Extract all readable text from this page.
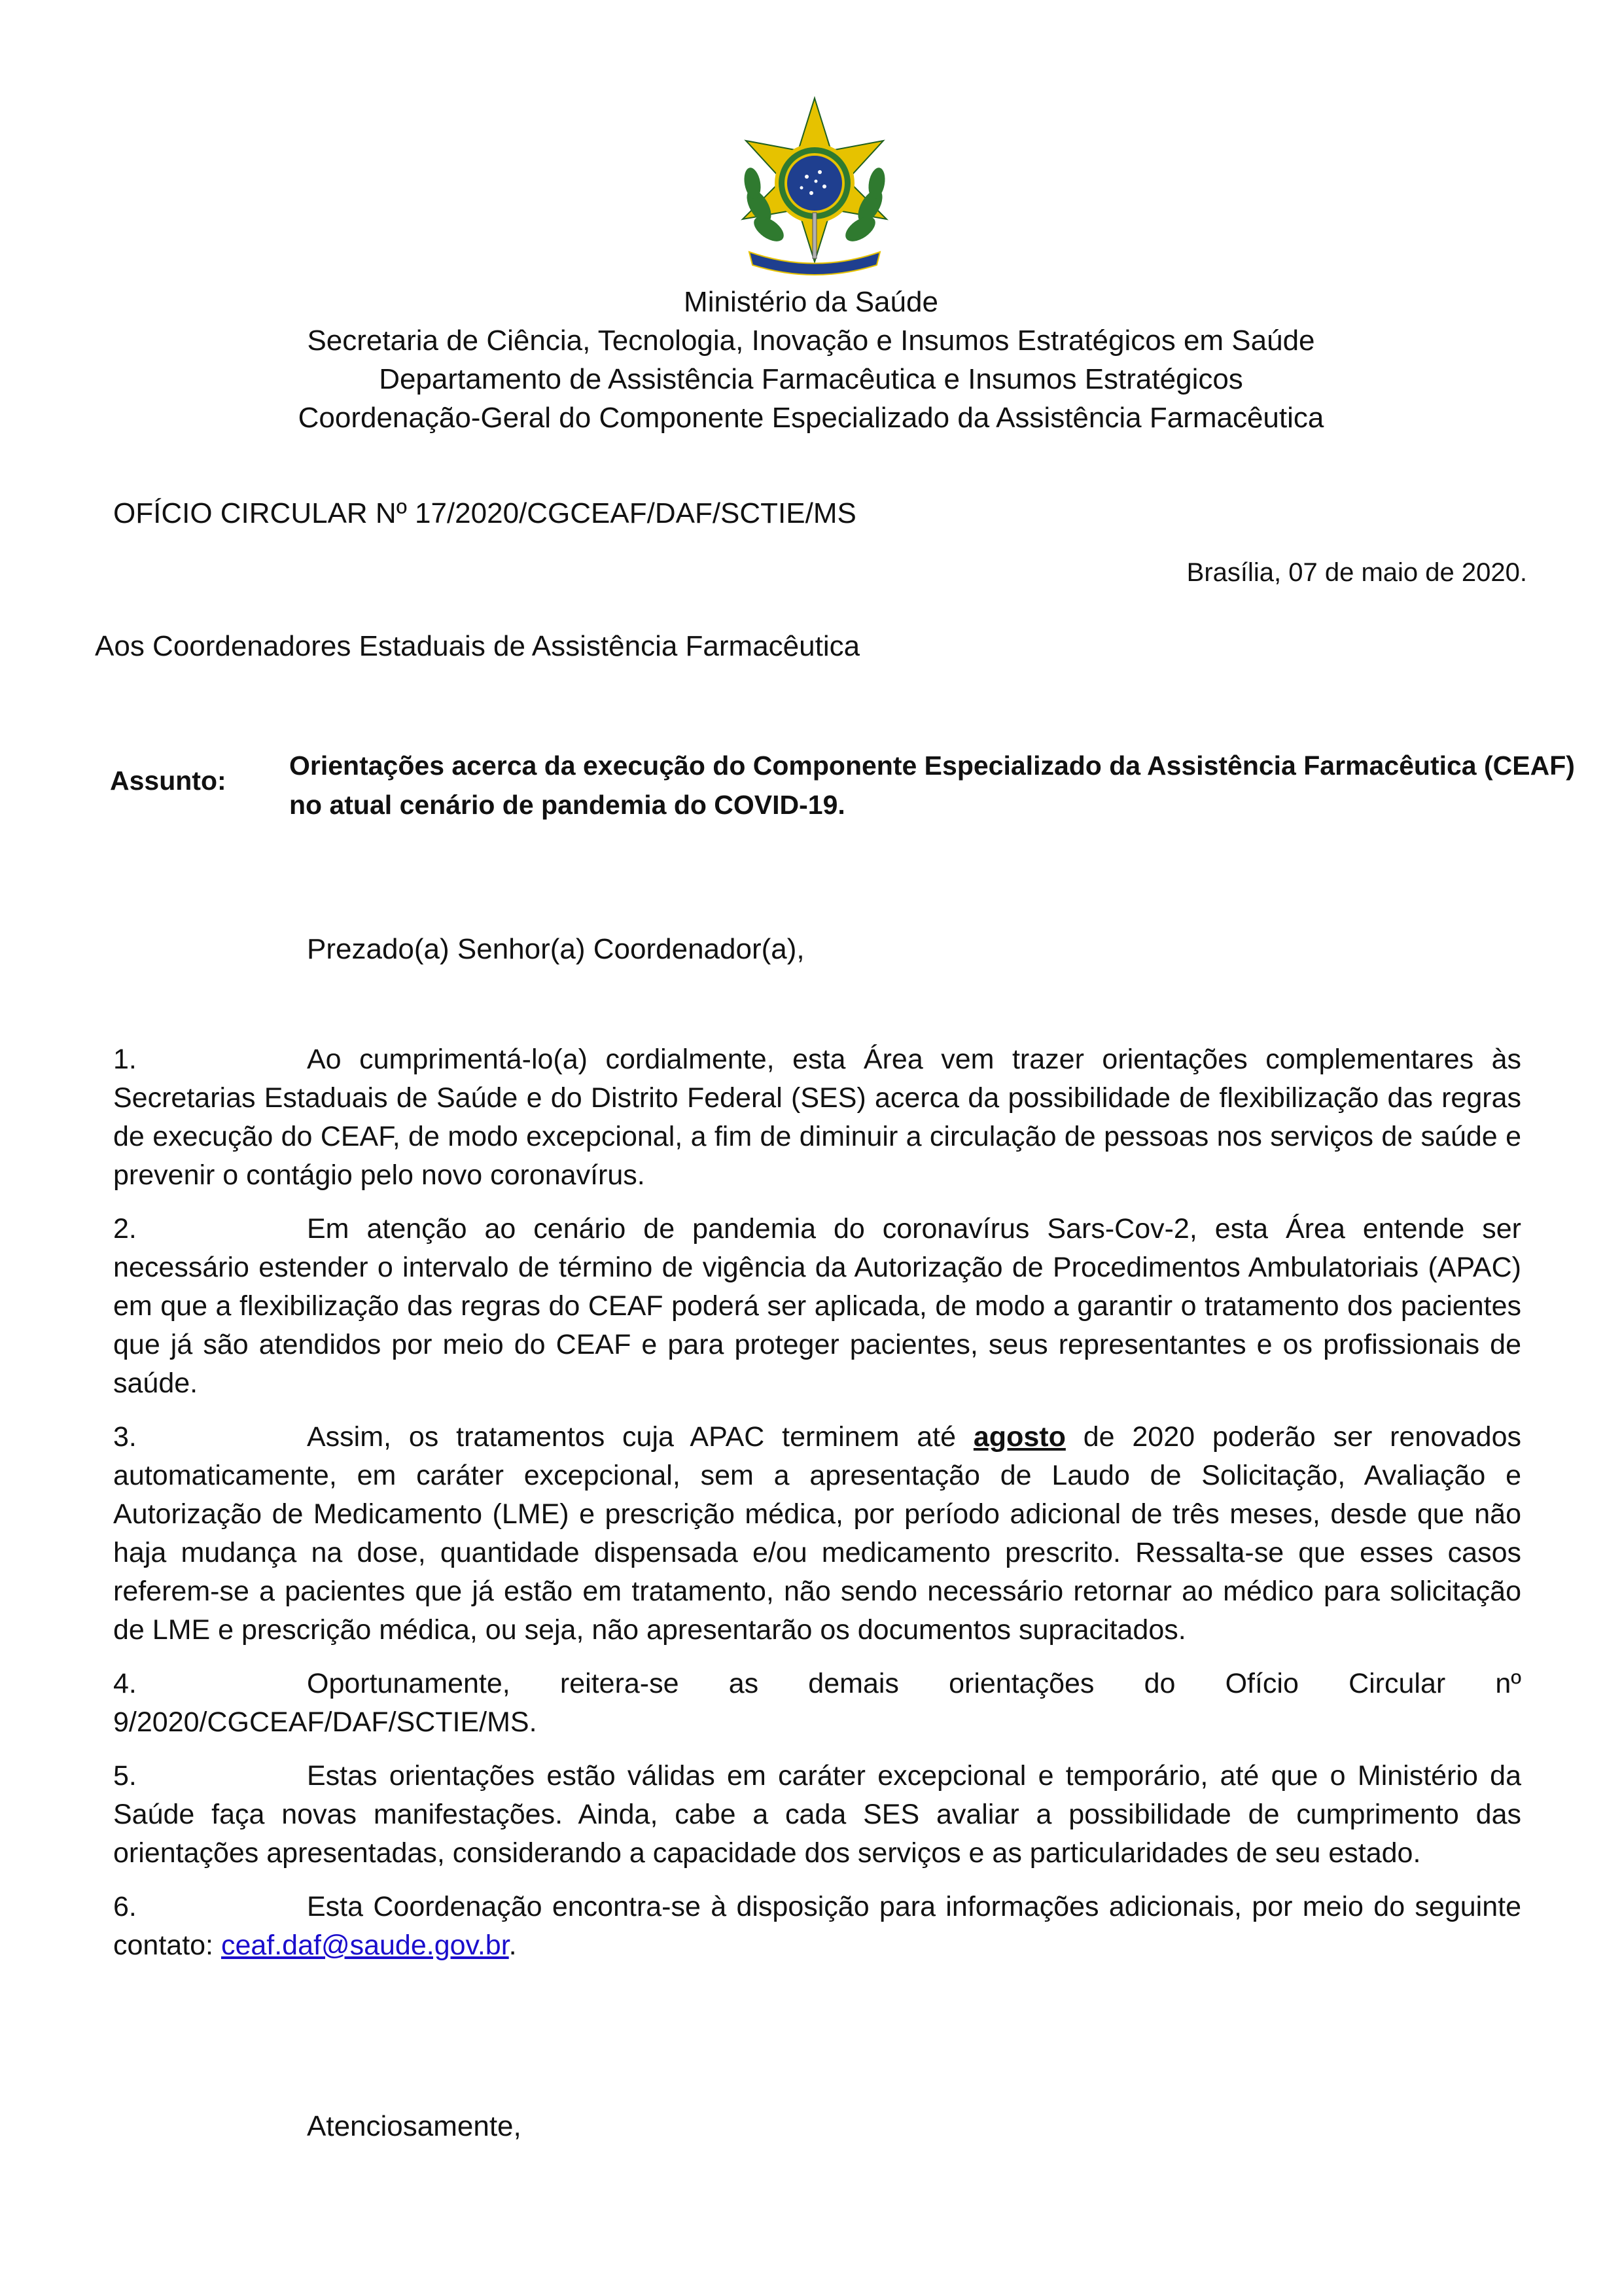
Ministério da Saúde
Secretaria de Ciência, Tecnologia, Inovação e Insumos Estratégicos em Saúde
Departamento de Assistência Farmacêutica e Insumos Estratégicos
Coordenação-Geral do Componente Especializado da Assistência Farmacêutica
OFÍCIO CIRCULAR Nº 17/2020/CGCEAF/DAF/SCTIE/MS
Brasília, 07 de maio de 2020.
Aos Coordenadores Estaduais de Assistência Farmacêutica
Assunto: Orientações acerca da execução do Componente Especializado da Assistência Farmacêutica (CEAF)
no atual cenário de pandemia do COVID-19.
Prezado(a) Senhor(a) Coordenador(a),
1.	Ao cumprimentá-lo(a) cordialmente, esta Área vem trazer orientações complementares às Secretarias Estaduais de Saúde e do Distrito Federal (SES) acerca da possibilidade de flexibilização das regras de execução do CEAF, de modo excepcional, a fim de diminuir a circulação de pessoas nos serviços de saúde e prevenir o contágio pelo novo coronavírus.
2.	Em atenção ao cenário de pandemia do coronavírus Sars-Cov-2, esta Área entende ser necessário estender o intervalo de término de vigência da Autorização de Procedimentos Ambulatoriais (APAC) em que a flexibilização das regras do CEAF poderá ser aplicada, de modo a garantir o tratamento dos pacientes que já são atendidos por meio do CEAF e para proteger pacientes, seus representantes e os profissionais de saúde.
3.	Assim, os tratamentos cuja APAC terminem até agosto de 2020 poderão ser renovados automaticamente, em caráter excepcional, sem a apresentação de Laudo de Solicitação, Avaliação e Autorização de Medicamento (LME) e prescrição médica, por período adicional de três meses, desde que não haja mudança na dose, quantidade dispensada e/ou medicamento prescrito. Ressalta-se que esses casos referem-se a pacientes que já estão em tratamento, não sendo necessário retornar ao médico para solicitação de LME e prescrição médica, ou seja, não apresentarão os documentos supracitados.
4.	Oportunamente, reitera-se as demais orientações do Ofício Circular nº 9/2020/CGCEAF/DAF/SCTIE/MS.
5.	Estas orientações estão válidas em caráter excepcional e temporário, até que o Ministério da Saúde faça novas manifestações. Ainda, cabe a cada SES avaliar a possibilidade de cumprimento das orientações apresentadas, considerando a capacidade dos serviços e as particularidades de seu estado.
6.	Esta Coordenação encontra-se à disposição para informações adicionais, por meio do seguinte contato: ceaf.daf@saude.gov.br.
Atenciosamente,
